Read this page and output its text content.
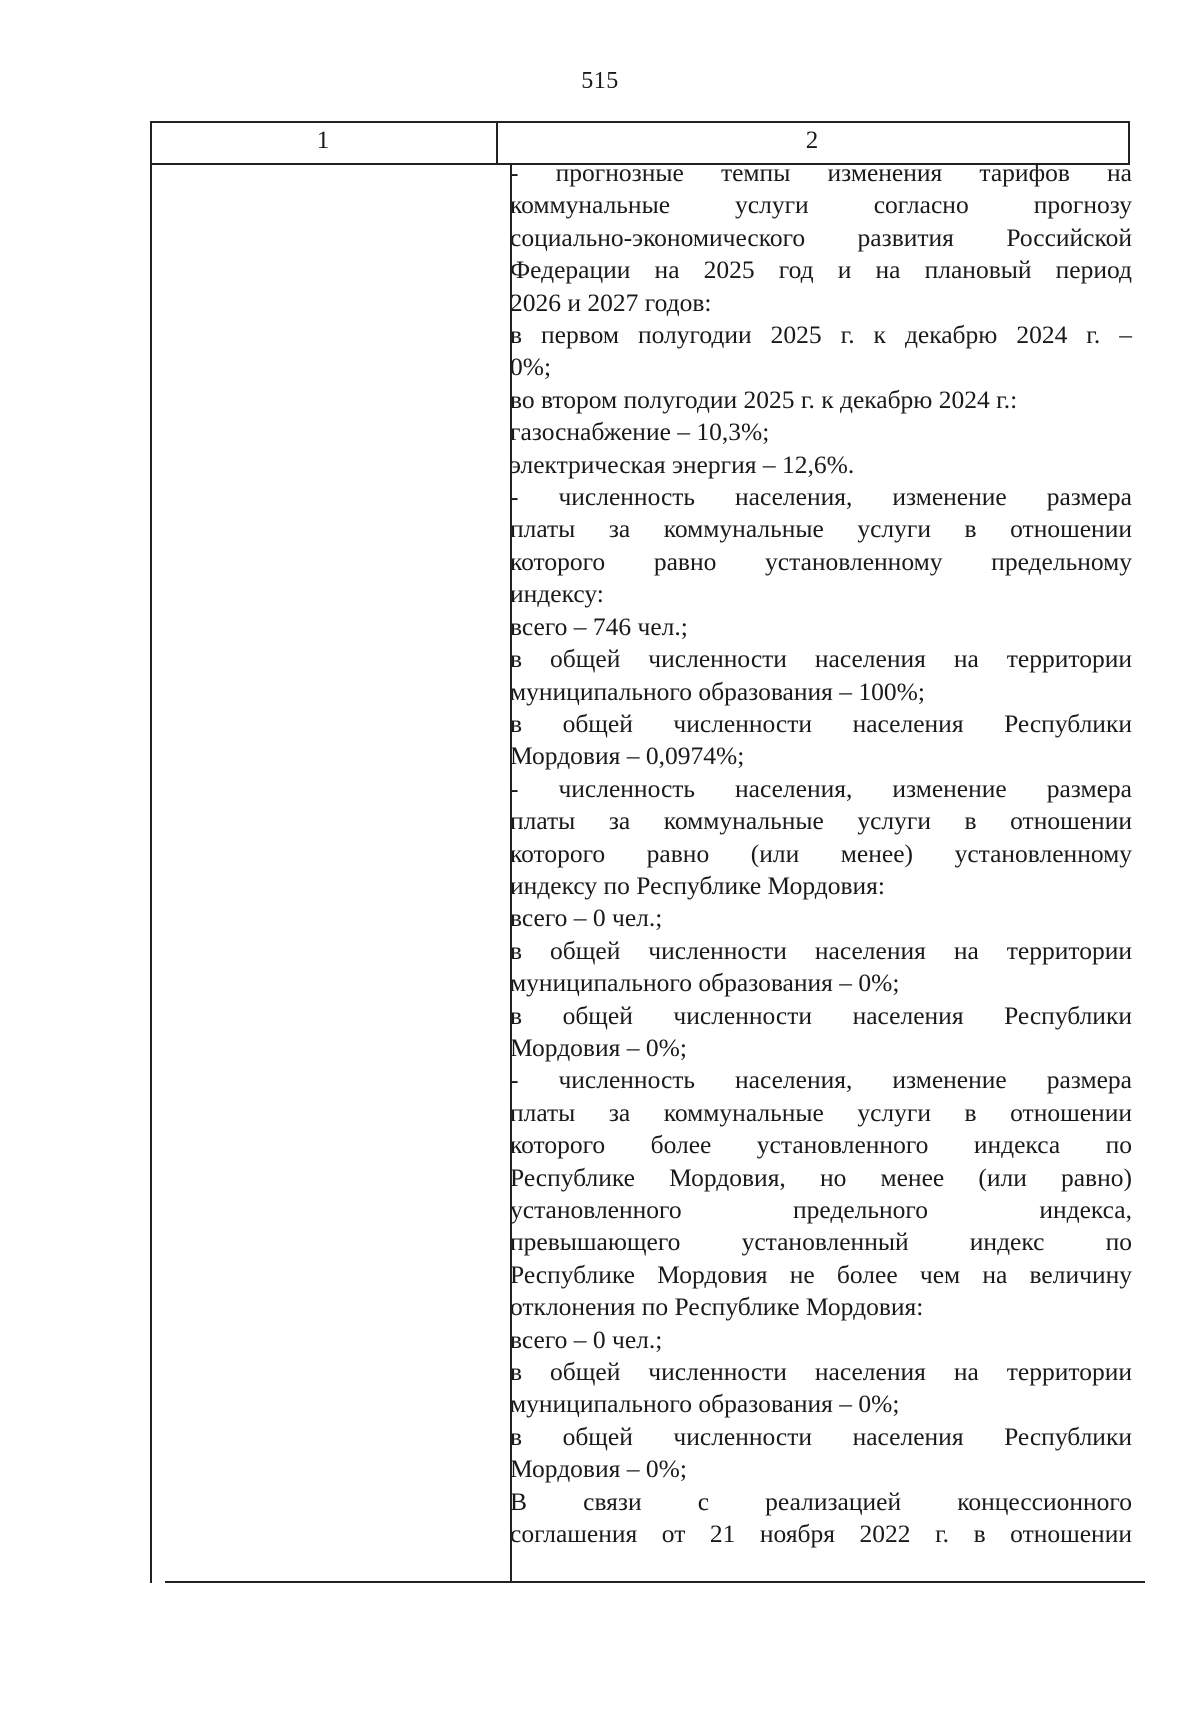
515
1	2

- прогнозные темпы изменения тарифов на

коммунальные услуги согласно прогнозу

социально-экономического развития Российской

Федерации на 2025 год и на плановый период

2026 и 2027 годов:

в первом полугодии 2025 г. к декабрю 2024 г. –

0%;

во втором полугодии 2025 г. к декабрю 2024 г.:

газоснабжение – 10,3%;

электрическая энергия – 12,6%.

- численность населения, изменение размера

платы за коммунальные услуги в отношении

которого равно установленному предельному

индексу:

всего – 746 чел.;

в общей численности населения на территории

муниципального образования – 100%;

в общей численности населения Республики

Мордовия – 0,0974%;

- численность населения, изменение размера

платы за коммунальные услуги в отношении

которого равно (или менее) установленному

индексу по Республике Мордовия:

всего – 0 чел.;

в общей численности населения на территории

муниципального образования – 0%;

в общей численности населения Республики

Мордовия – 0%;

- численность населения, изменение размера

платы за коммунальные услуги в отношении

которого более установленного индекса по

Республике Мордовия, но менее (или равно)

установленного предельного индекса,

превышающего установленный индекс по

Республике Мордовия не более чем на величину

отклонения по Республике Мордовия:

всего – 0 чел.;

в общей численности населения на территории

муниципального образования – 0%;

в общей численности населения Республики

Мордовия – 0%;

В связи с реализацией концессионного

соглашения от 21 ноября 2022 г. в отношении
